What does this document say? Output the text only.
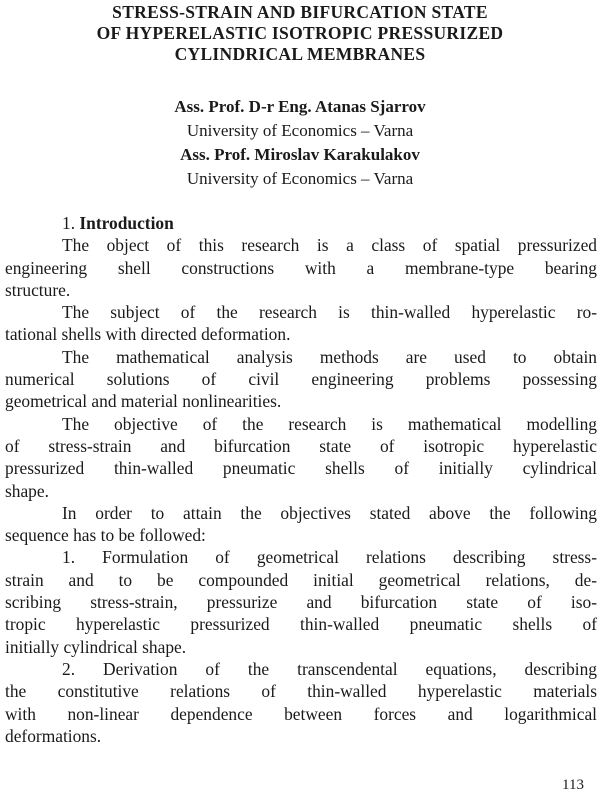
STRESS-STRAIN AND BIFURCATION STATE
OF HYPERELASTIC ISOTROPIC PRESSURIZED
CYLINDRICAL MEMBRANES
Ass. Prof. D-r Eng. Atanas Sjarrov
University of Economics – Varna
Ass. Prof. Miroslav Karakulakov
University of Economics – Varna
1. Introduction
The object of this research is a class of spatial pressurized
engineering shell constructions with a membrane-type bearing
structure.
The subject of the research is thin-walled hyperelastic ro-
tational shells with directed deformation.
The mathematical analysis methods are used to obtain
numerical solutions of civil engineering problems possessing
geometrical and material nonlinearities.
The objective of the research is mathematical modelling
of stress-strain and bifurcation state of isotropic hyperelastic
pressurized thin-walled pneumatic shells of initially cylindrical
shape.
In order to attain the objectives stated above the following
sequence has to be followed:
1. Formulation of geometrical relations describing stress-
strain and to be compounded initial geometrical relations, de-
scribing stress-strain, pressurize and bifurcation state of iso-
tropic hyperelastic pressurized thin-walled pneumatic shells of
initially cylindrical shape.
2. Derivation of the transcendental equations, describing
the constitutive relations of thin-walled hyperelastic materials
with non-linear dependence between forces and logarithmical
deformations.
113
